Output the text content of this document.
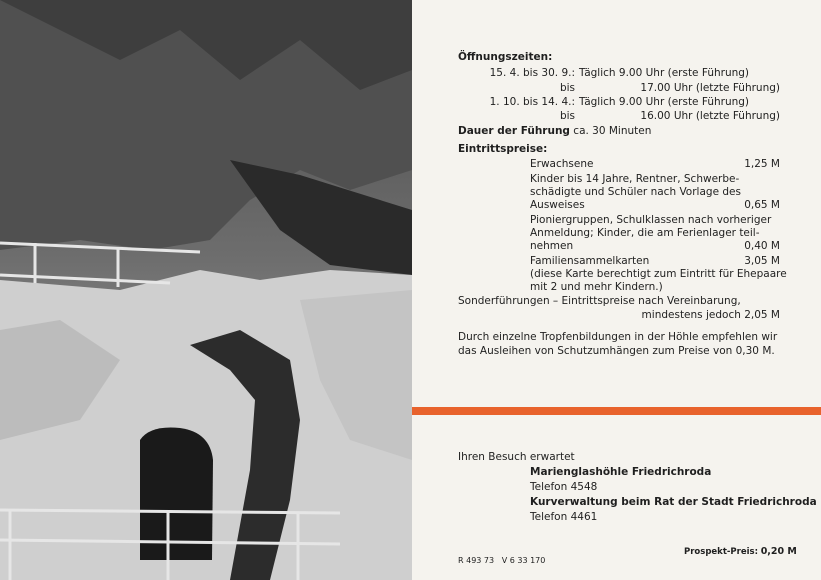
Öffnungszeiten:
15. 4. bis 30. 9.: Täglich 9.00 Uhr (erste Führung)
bis	17.00 Uhr (letzte Führung)
1. 10. bis 14. 4.: Täglich 9.00 Uhr (erste Führung)
bis	16.00 Uhr (letzte Führung)
Dauer der Führung ca. 30 Minuten
Eintrittspreise:
Erwachsene	1,25 M
Kinder bis 14 Jahre, Rentner, Schwerbe-
schädigte und Schüler nach Vorlage des
Ausweises	0,65 M
Pioniergruppen, Schulklassen nach vorheriger
Anmeldung; Kinder, die am Ferienlager teil-
nehmen	0,40 M
Familiensammelkarten	3,05 M
(diese Karte berechtigt zum Eintritt für Ehepaare
mit 2 und mehr Kindern.)
Sonderführungen – Eintrittspreise nach Vereinbarung,
mindestens jedoch 2,05 M
Durch einzelne Tropfenbildungen in der Höhle empfehlen wir
das Ausleihen von Schutzumhängen zum Preise von 0,30 M.
Ihren Besuch erwartet
Marienglashöhle Friedrichroda
Telefon 4548
Kurverwaltung beim Rat der Stadt Friedrichroda
Telefon 4461
R 493 73   V 6 33 170
Prospekt-Preis: 0,20 M
